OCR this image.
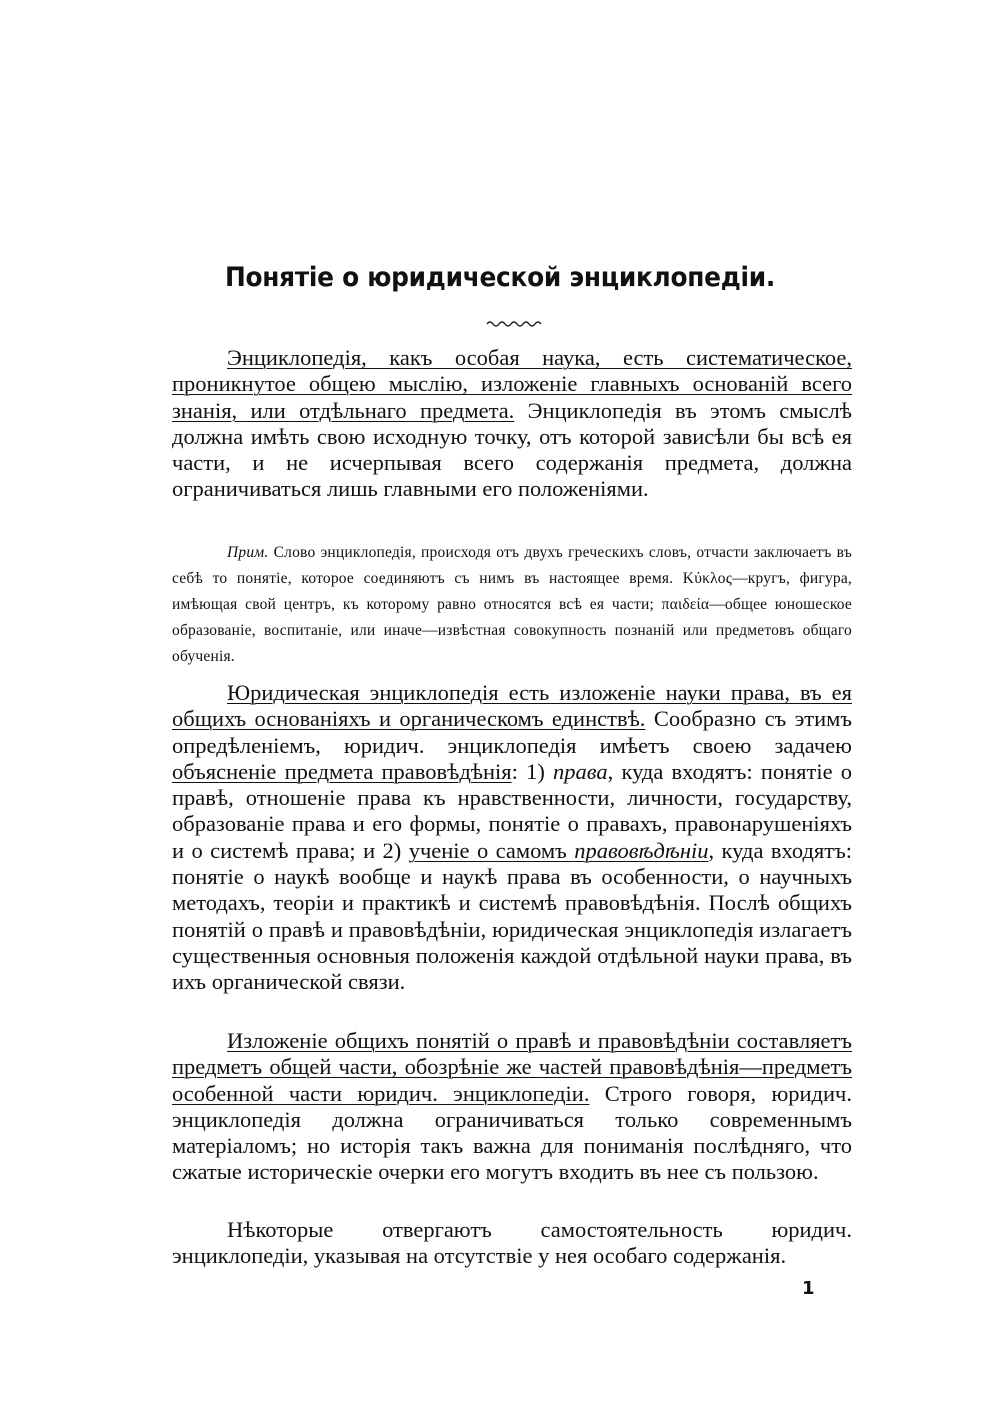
Понятіе о юридической энциклопедіи.

Энциклопедія, какъ особая наука, есть систематическое, проникнутое общею мыслію, изложеніе главныхъ основаній всего знанія, или отдѣльнаго предмета. Энциклопедія въ этомъ смыслѣ должна имѣть свою исходную точку, отъ которой зависѣли бы всѣ ея части, и не исчерпывая всего содержанія предмета, должна ограничиваться лишь главными его положеніями.

Прим. Слово энциклопедія, происходя отъ двухъ греческихъ словъ, отчасти заключаетъ въ себѣ то понятіе, которое соединяютъ съ нимъ въ настоящее время. Κύκλος—кругъ, фигура, имѣющая свой центръ, къ которому равно относятся всѣ ея части; παιδεία—общее юношеское образованіе, воспитаніе, или иначе—извѣстная совокупность познаній или предметовъ общаго обученія.

Юридическая энциклопедія есть изложеніе науки права, въ ея общихъ основаніяхъ и органическомъ единствѣ. Сообразно съ этимъ опредѣленіемъ, юридич. энциклопедія имѣетъ своею задачею объясненіе предмета правовѣдѣнія: 1) права, куда входятъ: понятіе о правѣ, отношеніе права къ нравственности, личности, государству, образованіе права и его формы, понятіе о правахъ, правонарушеніяхъ и о системѣ права; и 2) ученіе о самомъ правовѣдѣніи, куда входятъ: понятіе о наукѣ вообще и наукѣ права въ особенности, о научныхъ методахъ, теоріи и практикѣ и системѣ правовѣдѣнія. Послѣ общихъ понятій о правѣ и правовѣдѣніи, юридическая энциклопедія излагаетъ существенныя основныя положенія каждой отдѣльной науки права, въ ихъ органической связи.

Изложеніе общихъ понятій о правѣ и правовѣдѣніи составляетъ предметъ общей части, обозрѣніе же частей правовѣдѣнія—предметъ особенной части юридич. энциклопедіи. Строго говоря, юридич. энциклопедія должна ограничиваться только современнымъ матеріаломъ; но исторія такъ важна для пониманія послѣдняго, что сжатые историческіе очерки его могутъ входить въ нее съ пользою.

Нѣкоторые отвергаютъ самостоятельность юридич. энциклопедіи, указывая на отсутствіе у нея особаго содержанія.

1
